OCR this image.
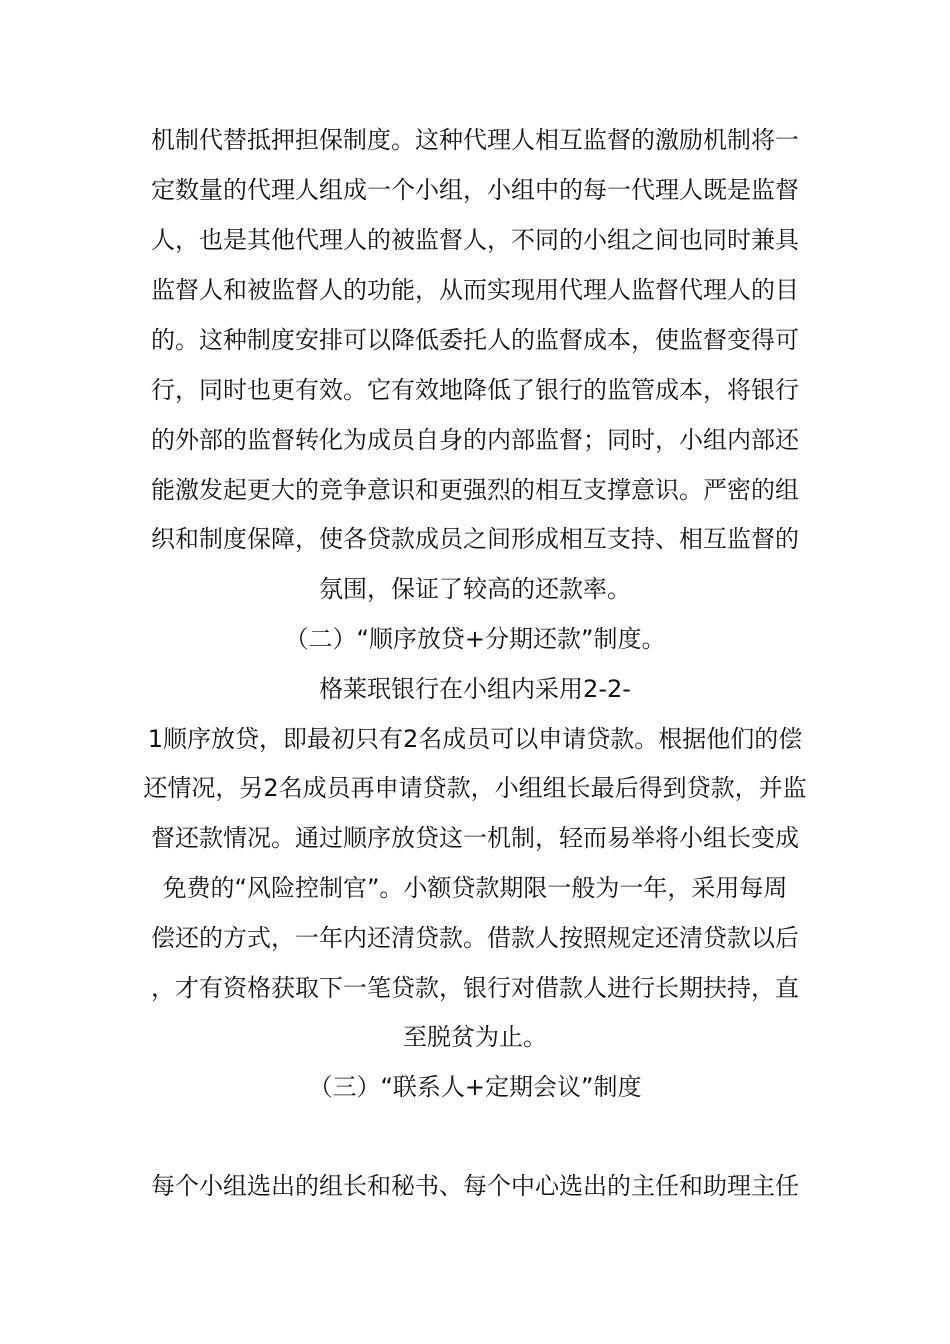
机制代替抵押担保制度。这种代理人相互监督的激励机制将一
定数量的代理人组成一个小组，小组中的每一代理人既是监督
人，也是其他代理人的被监督人，不同的小组之间也同时兼具
监督人和被监督人的功能，从而实现用代理人监督代理人的目
的。这种制度安排可以降低委托人的监督成本，使监督变得可
行，同时也更有效。它有效地降低了银行的监管成本，将银行
的外部的监督转化为成员自身的内部监督；同时，小组内部还
能激发起更大的竞争意识和更强烈的相互支撑意识。严密的组
织和制度保障，使各贷款成员之间形成相互支持、相互监督的
氛围，保证了较高的还款率。
（二）“顺序放贷+分期还款”制度。
格莱珉银行在小组内采用2-2-
1顺序放贷，即最初只有2名成员可以申请贷款。根据他们的偿
还情况，另2名成员再申请贷款，小组组长最后得到贷款，并监
督还款情况。通过顺序放贷这一机制，轻而易举将小组长变成
免费的“风险控制官”。小额贷款期限一般为一年，采用每周
偿还的方式，一年内还清贷款。借款人按照规定还清贷款以后
，才有资格获取下一笔贷款，银行对借款人进行长期扶持，直
至脱贫为止。
（三）“联系人+定期会议”制度
每个小组选出的组长和秘书、每个中心选出的主任和助理主任
